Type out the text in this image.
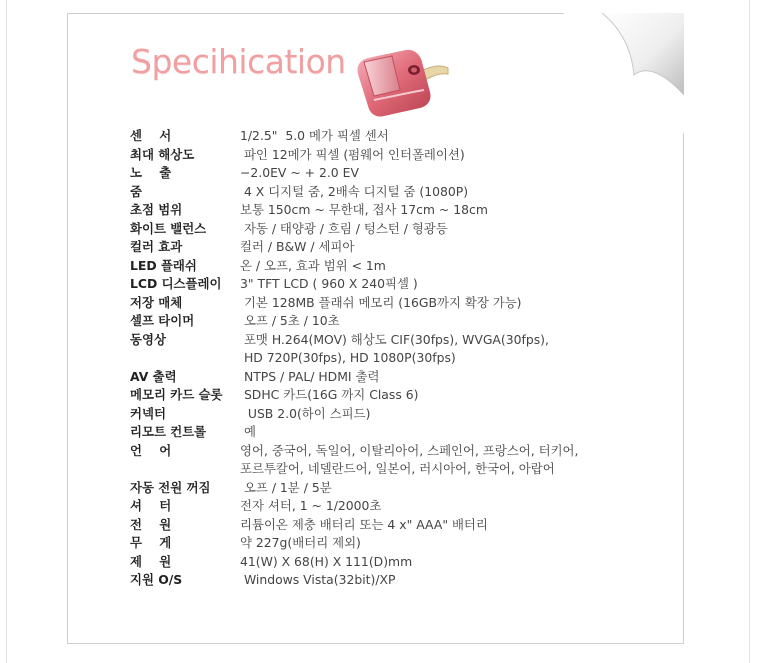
Specihication
센    서	1/2.5"  5.0 메가 픽셀 센서
최대 해상도	파인 12메가 픽셀 (펌웨어 인터폴레이션)
노    출	−2.0EV ~ + 2.0 EV
줌	4 X 디지털 줌, 2배속 디지털 줌 (1080P)
초점 범위	보통 150cm ~ 무한대, 접사 17cm ~ 18cm
화이트 밸런스	자동 / 태양광 / 흐림 / 텅스턴 / 형광등
컬러 효과	컬러 / B&W / 세피아
LED 플래쉬	온 / 오프, 효과 범위 < 1m
LCD 디스플레이	3" TFT LCD ( 960 X 240픽셀 )
저장 매체	기본 128MB 플래쉬 메모리 (16GB까지 확장 가능)
셀프 타이머	오프 / 5초 / 10초
동영상	포맷 H.264(MOV) 해상도 CIF(30fps), WVGA(30fps),
HD 720P(30fps), HD 1080P(30fps)
AV 출력	NTPS / PAL/ HDMI 출력
메모리 카드 슬롯	SDHC 카드(16G 까지 Class 6)
커넥터	USB 2.0(하이 스피드)
리모트 컨트롤	예
언    어	영어, 중국어, 독일어, 이탈리아어, 스페인어, 프랑스어, 터키어,
포르투칼어, 네델란드어, 일본어, 러시아어, 한국어, 아랍어
자동 전원 꺼짐	오프 / 1분 / 5분
셔    터	전자 셔터, 1 ~ 1/2000초
전    원	리튬이온 제충 배터리 또는 4 x" AAA" 배터리
무    게	약 227g(배터리 제외)
제    원	41(W) X 68(H) X 111(D)mm
지원 O/S	Windows Vista(32bit)/XP
